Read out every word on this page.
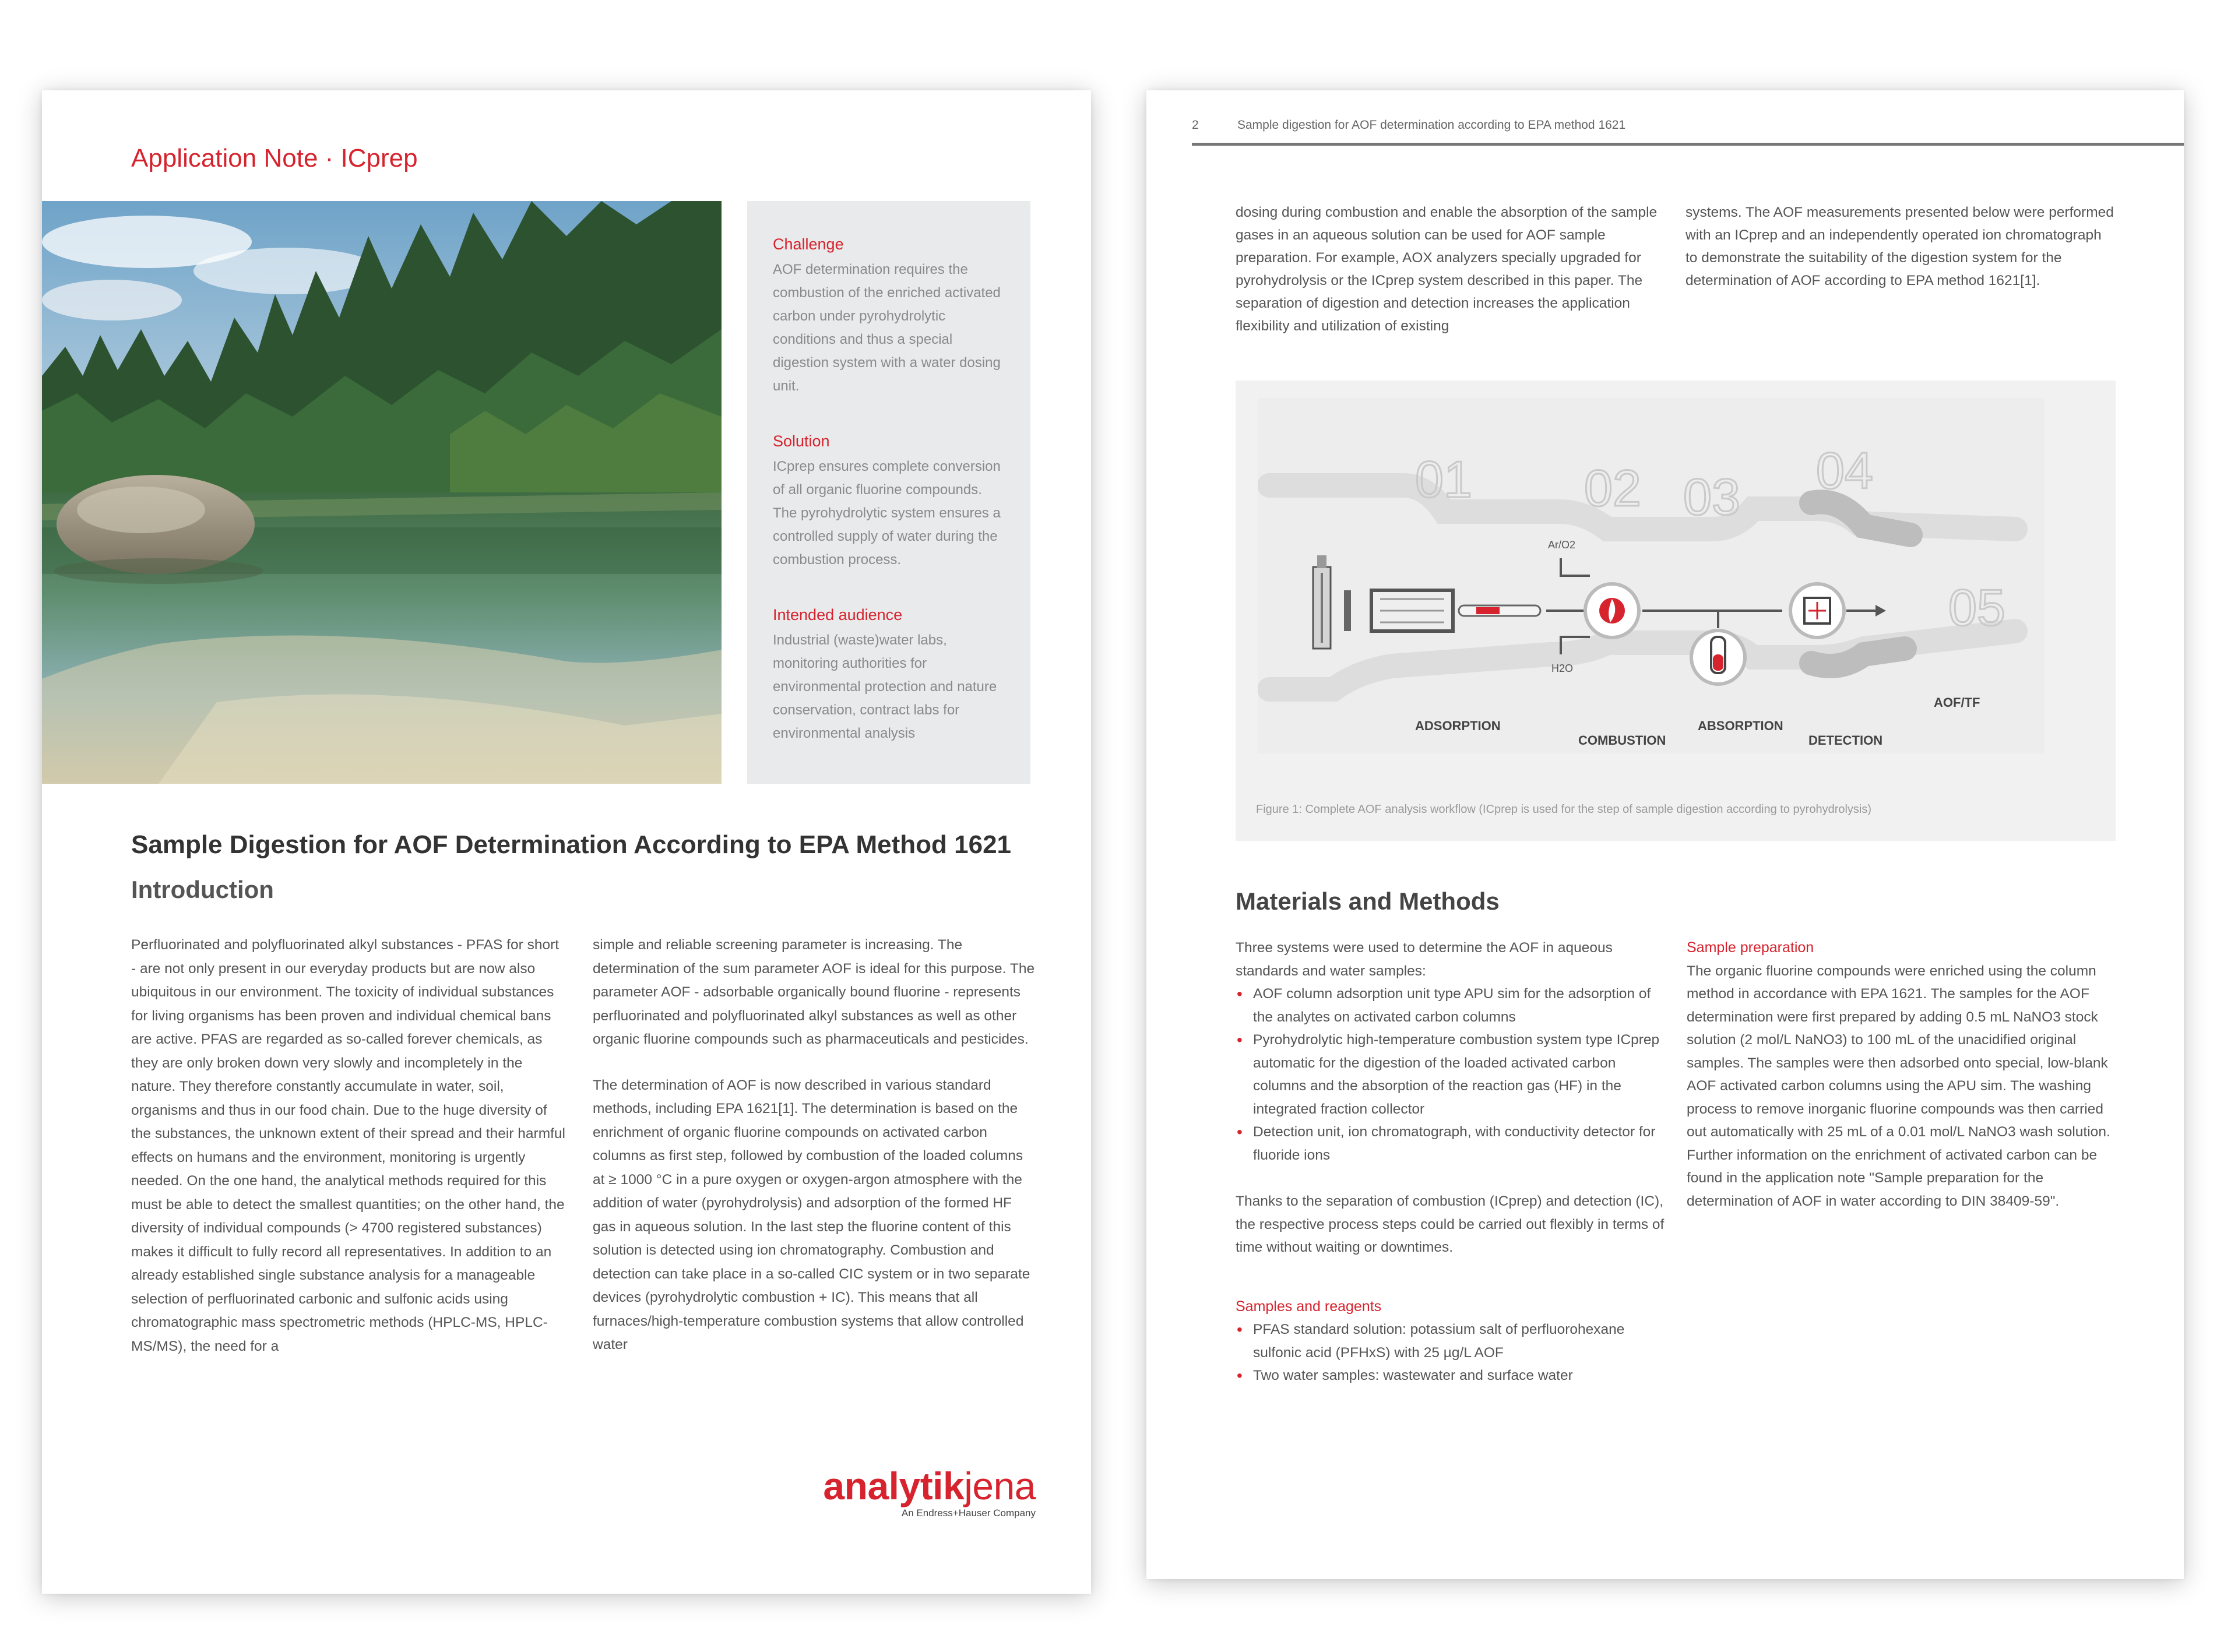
Application Note · ICprep
Challenge
AOF determination requires the combustion of the enriched activated carbon under pyrohydrolytic conditions and thus a special digestion system with a water dosing unit.
Solution
ICprep ensures complete conversion of all organic fluorine compounds. The pyrohydrolytic system ensures a controlled supply of water during the combustion process.
Intended audience
Industrial (waste)water labs, monitoring authorities for environmental protection and nature conservation, contract labs for environmental analysis
Sample Digestion for AOF Determination According to EPA Method 1621
Introduction

Perfluorinated and polyfluorinated alkyl substances - PFAS for short - are not only present in our everyday products but are now also ubiquitous in our environment. The toxicity of individual substances for living organisms has been proven and individual chemical bans are active. PFAS are regarded as so-called forever chemicals, as they are only broken down very slowly and incompletely in the nature. They therefore constantly accumulate in water, soil, organisms and thus in our food chain. Due to the huge diversity of the substances, the unknown extent of their spread and their harmful effects on humans and the environment, monitoring is urgently needed. On the one hand, the analytical methods required for this must be able to detect the smallest quantities; on the other hand, the diversity of individual compounds (> 4700 registered substances) makes it difficult to fully record all representatives. In addition to an already established single substance analysis for a manageable selection of perfluorinated carbonic and sulfonic acids using chromatographic mass spectrometric methods (HPLC-MS, HPLC-MS/MS), the need for a

simple and reliable screening parameter is increasing. The determination of the sum parameter AOF is ideal for this purpose. The parameter AOF - adsorbable organically bound fluorine - represents perfluorinated and polyfluorinated alkyl substances as well as other organic fluorine compounds such as pharmaceuticals and pesticides.

The determination of AOF is now described in various standard methods, including EPA 1621[1]. The determination is based on the enrichment of organic fluorine compounds on activated carbon columns as first step, followed by combustion of the loaded columns at ≥ 1000 °C in a pure oxygen or oxygen-argon atmosphere with the addition of water (pyrohydrolysis) and adsorption of the formed HF gas in aqueous solution. In the last step the fluorine content of this solution is detected using ion chromatography. Combustion and detection can take place in a so-called CIC system or in two separate devices (pyrohydrolytic combustion + IC). This means that all furnaces/high-temperature combustion systems that allow controlled water

analytikjena
An Endress+Hauser Company
2	Sample digestion for AOF determination according to EPA method 1621
dosing during combustion and enable the absorption of the sample gases in an aqueous solution can be used for AOF sample preparation. For example, AOX analyzers specially upgraded for pyrohydrolysis or the ICprep system described in this paper. The separation of digestion and detection increases the application flexibility and utilization of existing
systems. The AOF measurements presented below were performed with an ICprep and an independently operated ion chromatograph to demonstrate the suitability of the digestion system for the determination of AOF according to EPA method 1621[1].
01 02 03 04
05
Ar/O2
H2O
ADSORPTION
COMBUSTION
ABSORPTION
DETECTION
AOF/TF
Figure 1: Complete AOF analysis workflow (ICprep is used for the step of sample digestion according to pyrohydrolysis)
Materials and Methods

Three systems were used to determine the AOF in aqueous standards and water samples:

• AOF column adsorption unit type APU sim for the adsorption of the analytes on activated carbon columns
• Pyrohydrolytic high-temperature combustion system type ICprep automatic for the digestion of the loaded activated carbon columns and the absorption of the reaction gas (HF) in the integrated fraction collector
• Detection unit, ion chromatograph, with conductivity detector for fluoride ions

Thanks to the separation of combustion (ICprep) and detection (IC), the respective process steps could be carried out flexibly in terms of time without waiting or downtimes.

Samples and reagents
• PFAS standard solution: potassium salt of perfluorohexane sulfonic acid (PFHxS) with 25 µg/L AOF
• Two water samples: wastewater and surface water
Sample preparation

The organic fluorine compounds were enriched using the column method in accordance with EPA 1621. The samples for the AOF determination were first prepared by adding 0.5 mL NaNO3 stock solution (2 mol/L NaNO3) to 100 mL of the unacidified original samples. The samples were then adsorbed onto special, low-blank AOF activated carbon columns using the APU sim. The washing process to remove inorganic fluorine compounds was then carried out automatically with 25 mL of a 0.01 mol/L NaNO3 wash solution.

Further information on the enrichment of activated carbon can be found in the application note "Sample preparation for the determination of AOF in water according to DIN 38409-59".
